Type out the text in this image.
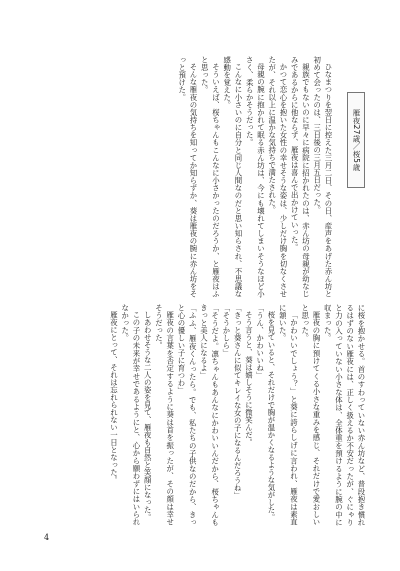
雁夜27歳／桜5歳

ひなまつりを翌日に控えた三月二日、その日、産声をあげた赤ん坊と初めて会ったのは、三日後の三月五日だった。

親族でもないのに早々に病院に招かれたのは、赤ん坊の母親が幼なじみであるからに他ならず、雁夜は喜んで出かけていった。

かつて恋心を抱いた女性の幸せそうな姿は、少しだけ胸を切なくさせたが、それ以上に温かな気持ちで満たされた。

母親の腕に抱かれて眠る赤ん坊は、今にも壊れてしまいそうなほど小さく、柔らかそうだった。

こんなに小さいのに自分と同じ人間なのだと思い知らされ、不思議な感動を覚えた。

そういえば、桜ちゃんもこんなに小さかったのだろうか、と雁夜はふと思った。

そんな雁夜の気持ちを知ってか知らずか、葵は雁夜の腕に赤ん坊をそっと預けた。

に桜を抱かせる。首のすわっていない赤ん坊など、普段抱き慣れるはずのない雁夜には、正しく扱えるか不安だったが、ぐにゃりと力の入っていない小さな体は、全体重を預けるように腕の中に収まった。

雁夜の胸に預けてくる小さな重みを感じ、それだけで愛おしいと思った。

「かわいいでしょう？」と葵に誇らしげに言われ、雁夜は素直に頷いた。

桜を見ていると、それだけで胸が温かくなるような気がした。

「うん、かわいいね」

そう言うと、葵は嬉しそうに微笑んだ。

「きっと葵さんに似てキレイな女の子になるんだろうね」

「そうかしら」

「そうだよ。凛ちゃんもあんなにかわいいんだから、桜ちゃんもきっと美人になるよ」

「ふふ、雁夜くんったら。でも、私たちの子供なのだから、きっと心の優しい子に育つわ」

雁夜の言葉を否定するように葵は首を振ったが、その顔は幸せそうだった。

しあわせそうな二人の姿を見て、雁夜も自然と笑顔になった。

この子の未来が幸せであるようにと、心から願わずにはいられなかった。

雁夜にとって、それは忘れられない一日となった。

4
